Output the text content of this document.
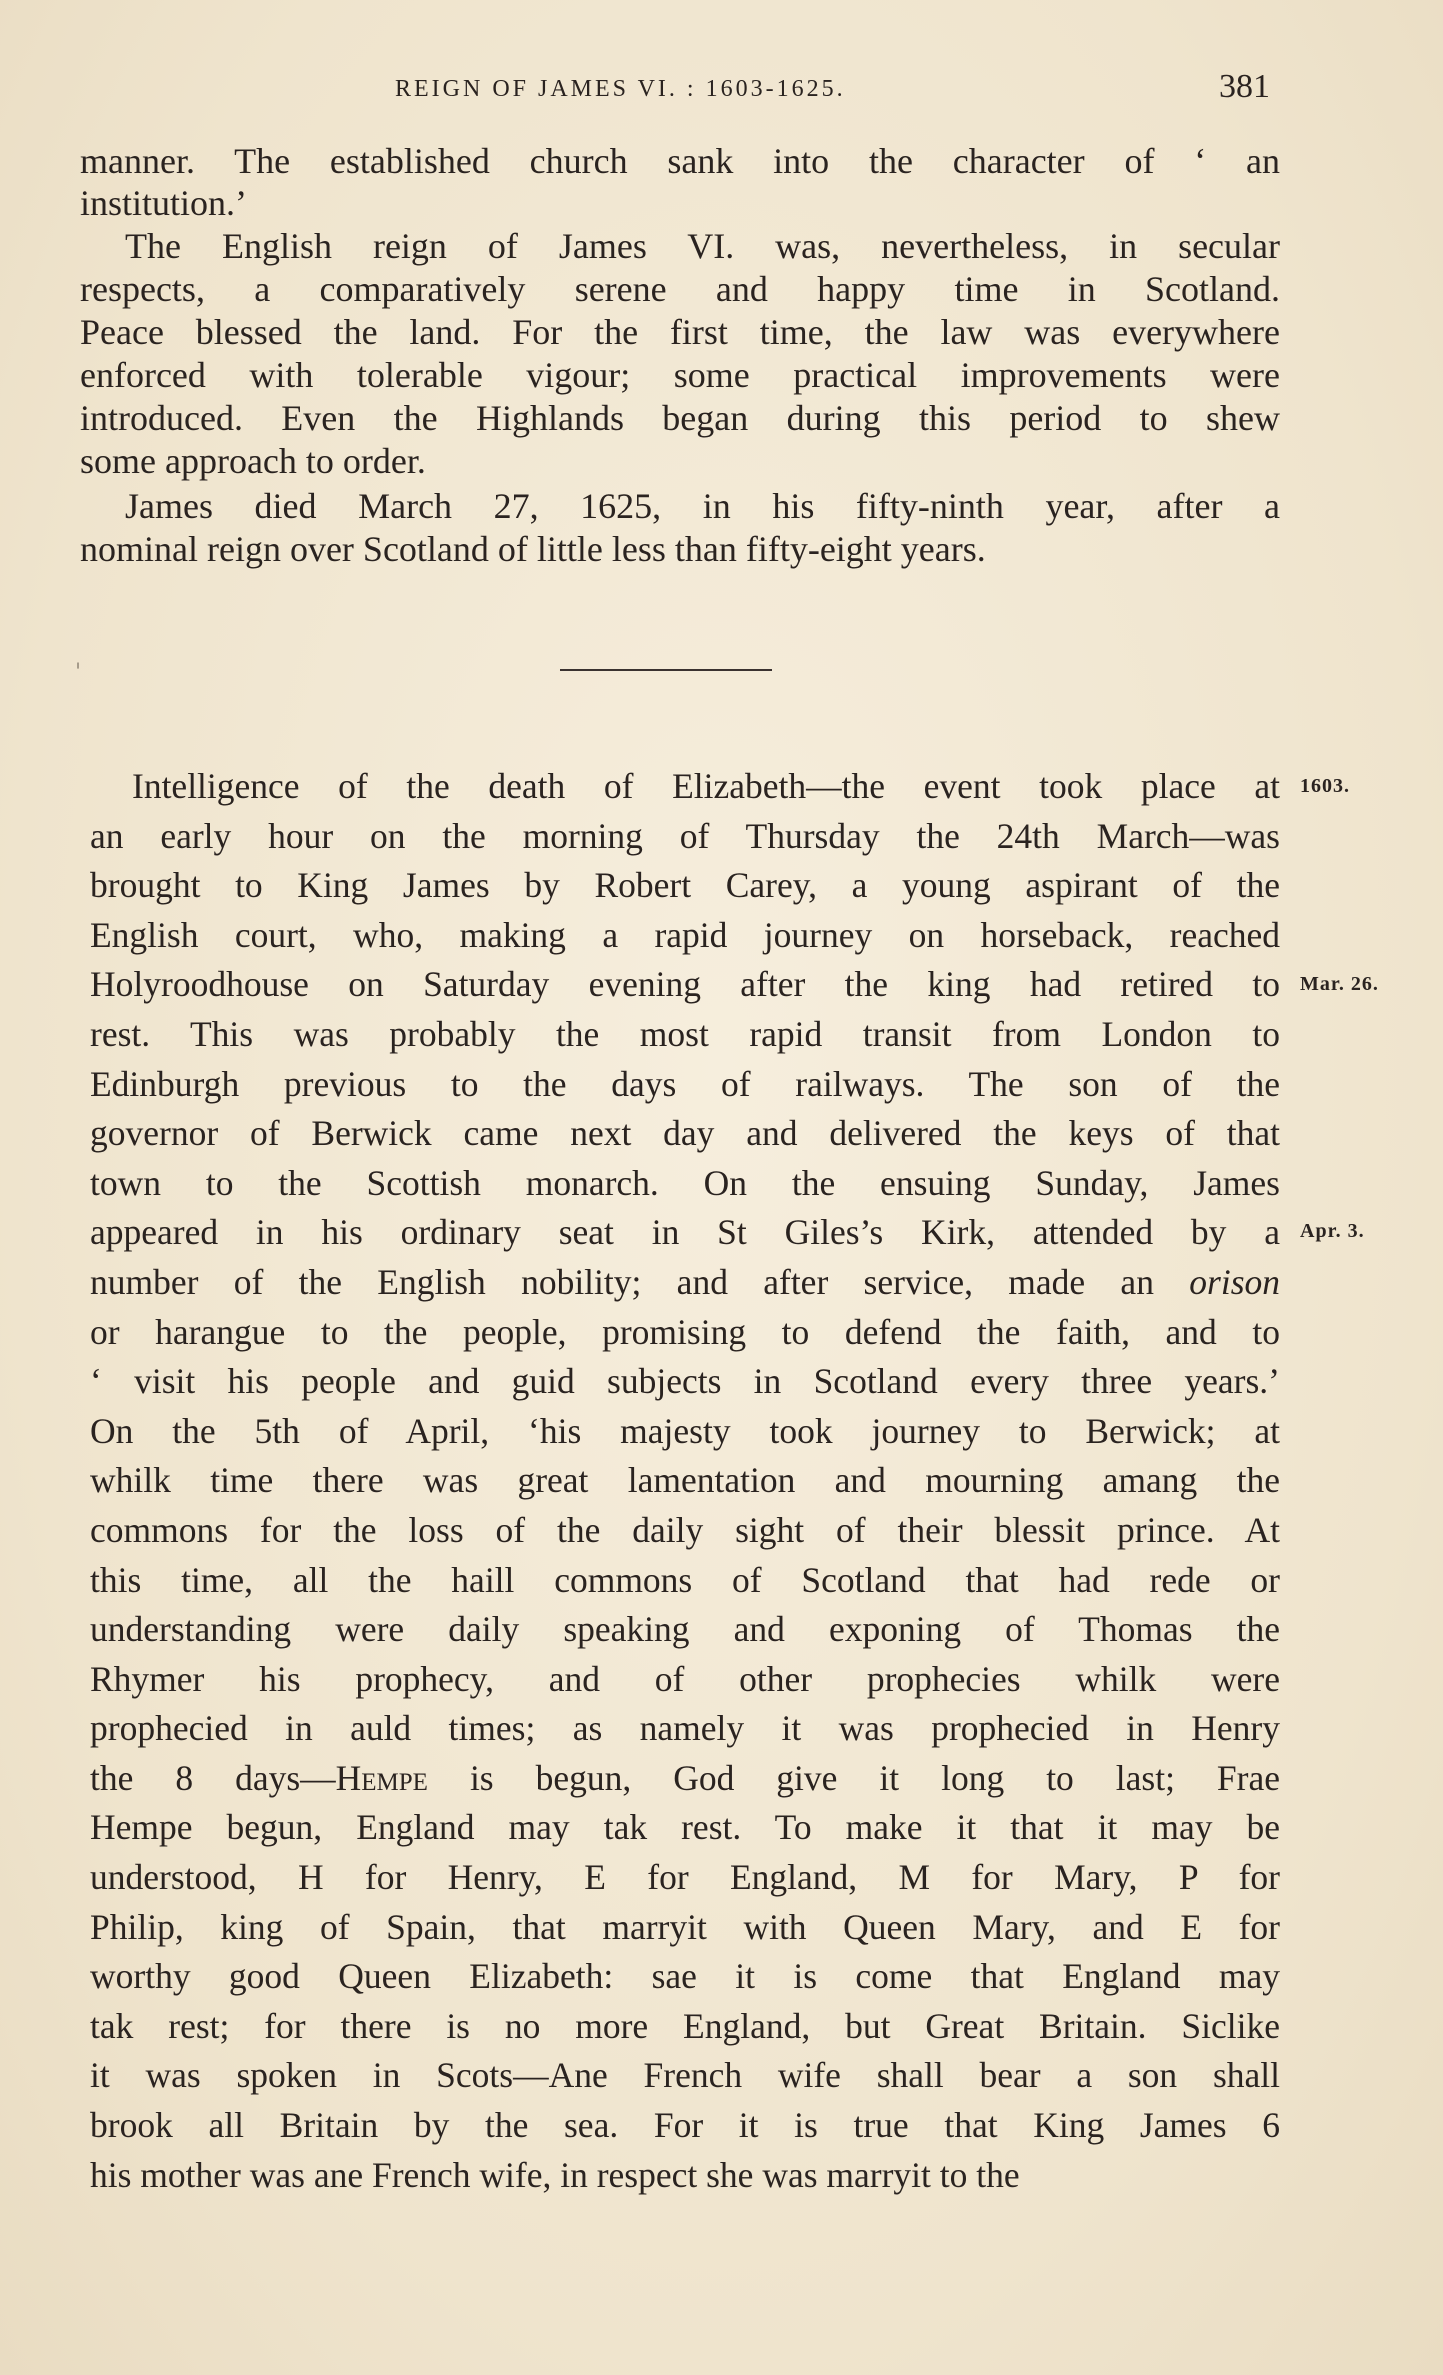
REIGN OF JAMES VI. : 1603-1625.	381
manner. The established church sank into the character of ‘ an
institution.’
The English reign of James VI. was, nevertheless, in secular
respects, a comparatively serene and happy time in Scotland.
Peace blessed the land. For the first time, the law was everywhere
enforced with tolerable vigour; some practical improvements were
introduced. Even the Highlands began during this period to shew
some approach to order.
James died March 27, 1625, in his fifty-ninth year, after a
nominal reign over Scotland of little less than fifty-eight years.
'
Intelligence of the death of Elizabeth—the event took place at
an early hour on the morning of Thursday the 24th March—was
brought to King James by Robert Carey, a young aspirant of the
English court, who, making a rapid journey on horseback, reached
Holyroodhouse on Saturday evening after the king had retired to
rest. This was probably the most rapid transit from London to
Edinburgh previous to the days of railways. The son of the
governor of Berwick came next day and delivered the keys of that
town to the Scottish monarch. On the ensuing Sunday, James
appeared in his ordinary seat in St Giles’s Kirk, attended by a
number of the English nobility; and after service, made an orison
or harangue to the people, promising to defend the faith, and to
‘ visit his people and guid subjects in Scotland every three years.’
On the 5th of April, ‘his majesty took journey to Berwick; at
whilk time there was great lamentation and mourning amang the
commons for the loss of the daily sight of their blessit prince. At
this time, all the haill commons of Scotland that had rede or
understanding were daily speaking and exponing of Thomas the
Rhymer his prophecy, and of other prophecies whilk were
prophecied in auld times; as namely it was prophecied in Henry
the 8 days—Hempe is begun, God give it long to last; Frae
Hempe begun, England may tak rest. To make it that it may be
understood, H for Henry, E for England, M for Mary, P for
Philip, king of Spain, that marryit with Queen Mary, and E for
worthy good Queen Elizabeth: sae it is come that England may
tak rest; for there is no more England, but Great Britain. Siclike
it was spoken in Scots—Ane French wife shall bear a son shall
brook all Britain by the sea. For it is true that King James 6
his mother was ane French wife, in respect she was marryit to the
1603.
Mar. 26.
Apr. 3.
